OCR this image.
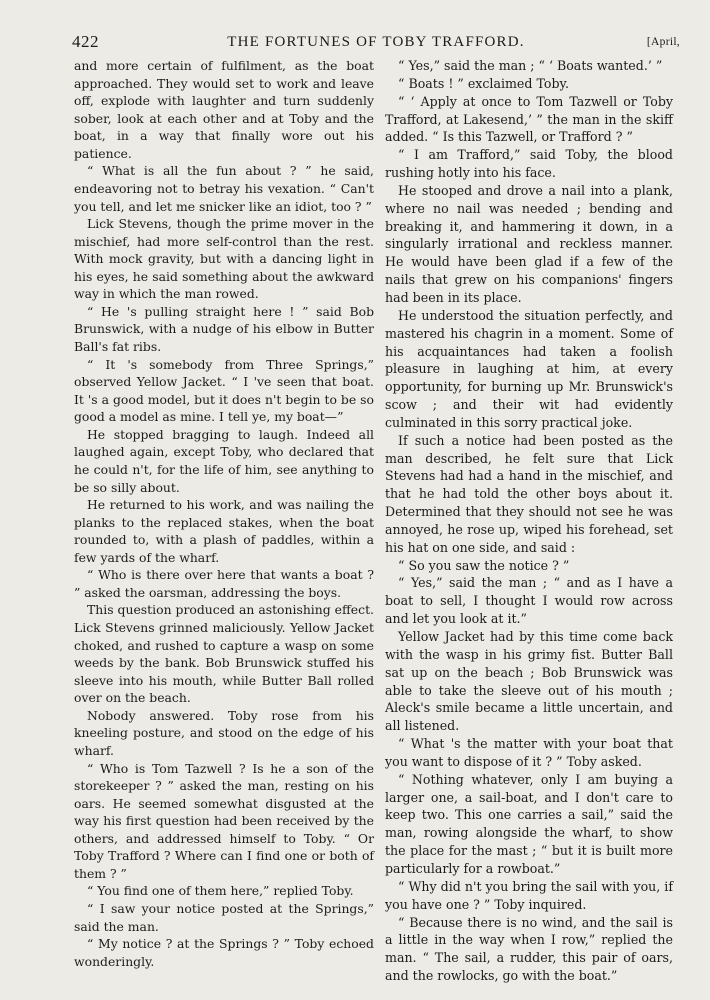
422	THE FORTUNES OF TOBY TRAFFORD.	[April,

and more certain of fulfilment, as the boat approached. They would set to work and leave off, explode with laughter and turn suddenly sober, look at each other and at Toby and the boat, in a way that finally wore out his patience.

“ What is all the fun about ? ” he said, endeavoring not to betray his vexation. “ Can't you tell, and let me snicker like an idiot, too ? ”

Lick Stevens, though the prime mover in the mischief, had more self-control than the rest. With mock gravity, but with a dancing light in his eyes, he said something about the awkward way in which the man rowed.

“ He 's pulling straight here ! ” said Bob Brunswick, with a nudge of his elbow in Butter Ball's fat ribs.

“ It 's somebody from Three Springs,” observed Yellow Jacket. “ I 've seen that boat. It 's a good model, but it does n't begin to be so good a model as mine. I tell ye, my boat—”

He stopped bragging to laugh. Indeed all laughed again, except Toby, who declared that he could n't, for the life of him, see anything to be so silly about.

He returned to his work, and was nailing the planks to the replaced stakes, when the boat rounded to, with a plash of paddles, within a few yards of the wharf.

“ Who is there over here that wants a boat ? ” asked the oarsman, addressing the boys.

This question produced an astonishing effect. Lick Stevens grinned maliciously. Yellow Jacket choked, and rushed to capture a wasp on some weeds by the bank. Bob Brunswick stuffed his sleeve into his mouth, while Butter Ball rolled over on the beach.

Nobody answered. Toby rose from his kneeling posture, and stood on the edge of his wharf.

“ Who is Tom Tazwell ? Is he a son of the storekeeper ? ” asked the man, resting on his oars. He seemed somewhat disgusted at the way his first question had been received by the others, and addressed himself to Toby. “ Or Toby Trafford ? Where can I find one or both of them ? ”

“ You find one of them here,” replied Toby.

“ I saw your notice posted at the Springs,” said the man.

“ My notice ? at the Springs ? ” Toby echoed wonderingly.

“ Yes,” said the man ; “ ‘ Boats wanted.’ ”

“ Boats ! ” exclaimed Toby.

“ ‘ Apply at once to Tom Tazwell or Toby Trafford, at Lakesend,’ ” the man in the skiff added. “ Is this Tazwell, or Trafford ? ”

“ I am Trafford,” said Toby, the blood rushing hotly into his face.

He stooped and drove a nail into a plank, where no nail was needed ; bending and breaking it, and hammering it down, in a singularly irrational and reckless manner. He would have been glad if a few of the nails that grew on his companions' fingers had been in its place.

He understood the situation perfectly, and mastered his chagrin in a moment. Some of his acquaintances had taken a foolish pleasure in laughing at him, at every opportunity, for burning up Mr. Brunswick's scow ; and their wit had evidently culminated in this sorry practical joke.

If such a notice had been posted as the man described, he felt sure that Lick Stevens had had a hand in the mischief, and that he had told the other boys about it. Determined that they should not see he was annoyed, he rose up, wiped his forehead, set his hat on one side, and said :

“ So you saw the notice ? ”

“ Yes,” said the man ; “ and as I have a boat to sell, I thought I would row across and let you look at it.”

Yellow Jacket had by this time come back with the wasp in his grimy fist. Butter Ball sat up on the beach ; Bob Brunswick was able to take the sleeve out of his mouth ; Aleck's smile became a little uncertain, and all listened.

“ What 's the matter with your boat that you want to dispose of it ? ” Toby asked.

“ Nothing whatever, only I am buying a larger one, a sail-boat, and I don't care to keep two. This one carries a sail,” said the man, rowing alongside the wharf, to show the place for the mast ; “ but it is built more particularly for a rowboat.”

“ Why did n't you bring the sail with you, if you have one ? ” Toby inquired.

“ Because there is no wind, and the sail is a little in the way when I row,” replied the man. “ The sail, a rudder, this pair of oars, and the rowlocks, go with the boat.”
